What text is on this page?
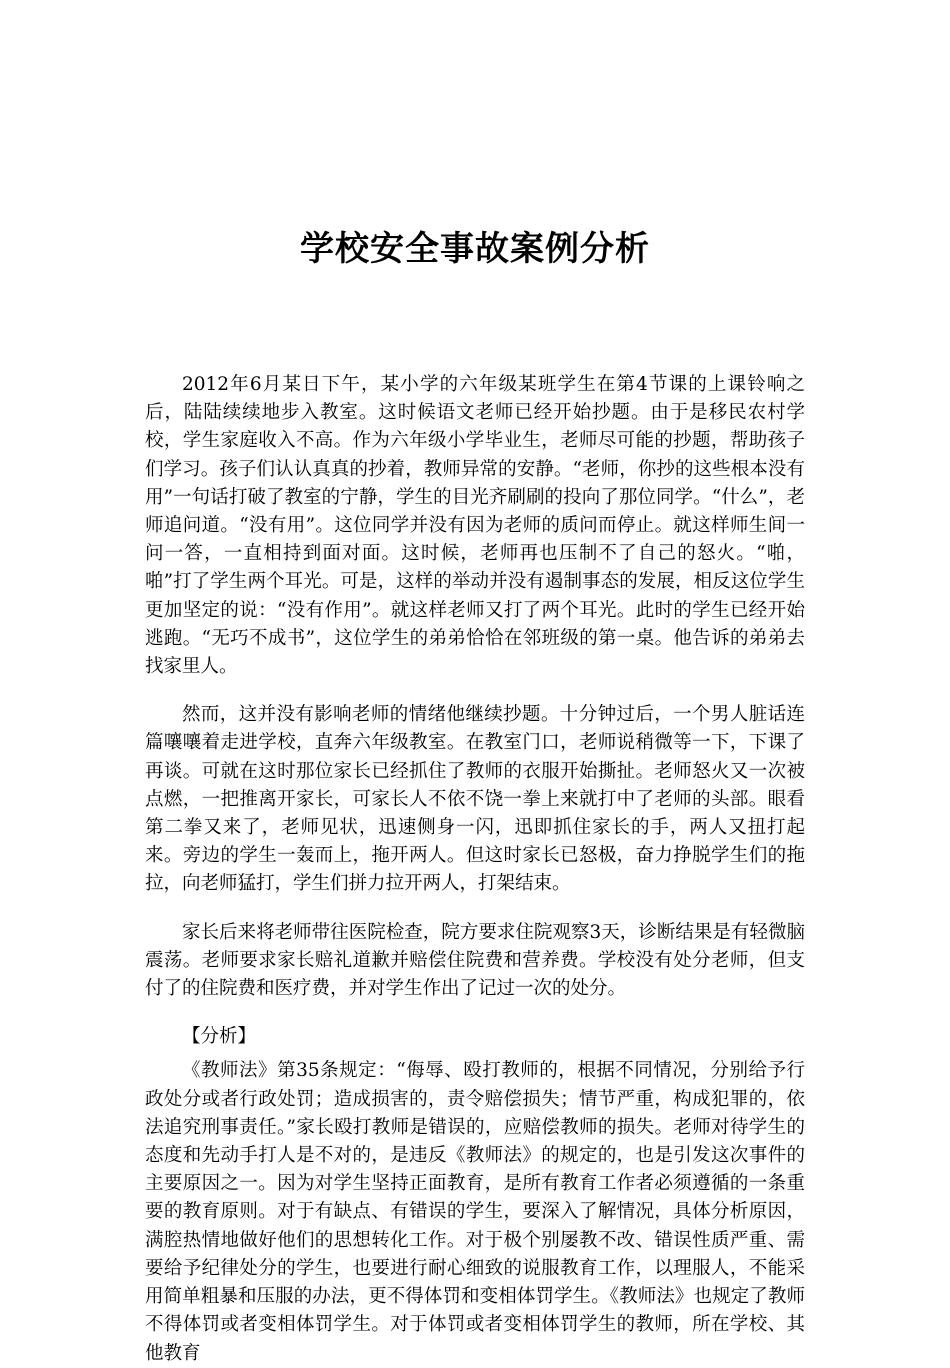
学校安全事故案例分析

2012年6月某日下午，某小学的六年级某班学生在第4节课的上课铃响之后，陆陆续续地步入教室。这时候语文老师已经开始抄题。由于是移民农村学校，学生家庭收入不高。作为六年级小学毕业生，老师尽可能的抄题，帮助孩子们学习。孩子们认认真真的抄着，教师异常的安静。“老师，你抄的这些根本没有用”一句话打破了教室的宁静，学生的目光齐刷刷的投向了那位同学。“什么”，老师追问道。“没有用”。这位同学并没有因为老师的质问而停止。就这样师生间一问一答，一直相持到面对面。这时候，老师再也压制不了自己的怒火。“啪，啪”打了学生两个耳光。可是，这样的举动并没有遏制事态的发展，相反这位学生更加坚定的说：“没有作用”。就这样老师又打了两个耳光。此时的学生已经开始逃跑。“无巧不成书”，这位学生的弟弟恰恰在邻班级的第一桌。他告诉的弟弟去找家里人。

然而，这并没有影响老师的情绪他继续抄题。十分钟过后，一个男人脏话连篇嚷嚷着走进学校，直奔六年级教室。在教室门口，老师说稍微等一下，下课了再谈。可就在这时那位家长已经抓住了教师的衣服开始撕扯。老师怒火又一次被点燃，一把推离开家长，可家长人不依不饶一拳上来就打中了老师的头部。眼看第二拳又来了，老师见状，迅速侧身一闪，迅即抓住家长的手，两人又扭打起来。旁边的学生一轰而上，拖开两人。但这时家长已怒极，奋力挣脱学生们的拖拉，向老师猛打，学生们拼力拉开两人，打架结束。

家长后来将老师带往医院检查，院方要求住院观察3天，诊断结果是有轻微脑震荡。老师要求家长赔礼道歉并赔偿住院费和营养费。学校没有处分老师，但支付了的住院费和医疗费，并对学生作出了记过一次的处分。

【分析】

《教师法》第35条规定：“侮辱、殴打教师的，根据不同情况，分别给予行政处分或者行政处罚；造成损害的，责令赔偿损失；情节严重，构成犯罪的，依法追究刑事责任。”家长殴打教师是错误的，应赔偿教师的损失。老师对待学生的态度和先动手打人是不对的，是违反《教师法》的规定的，也是引发这次事件的主要原因之一。因为对学生坚持正面教育，是所有教育工作者必须遵循的一条重要的教育原则。对于有缺点、有错误的学生，要深入了解情况，具体分析原因，满腔热情地做好他们的思想转化工作。对于极个别屡教不改、错误性质严重、需要给予纪律处分的学生，也要进行耐心细致的说服教育工作，以理服人，不能采用简单粗暴和压服的办法，更不得体罚和变相体罚学生。《教师法》也规定了教师不得体罚或者变相体罚学生。对于体罚或者变相体罚学生的教师，所在学校、其他教育
